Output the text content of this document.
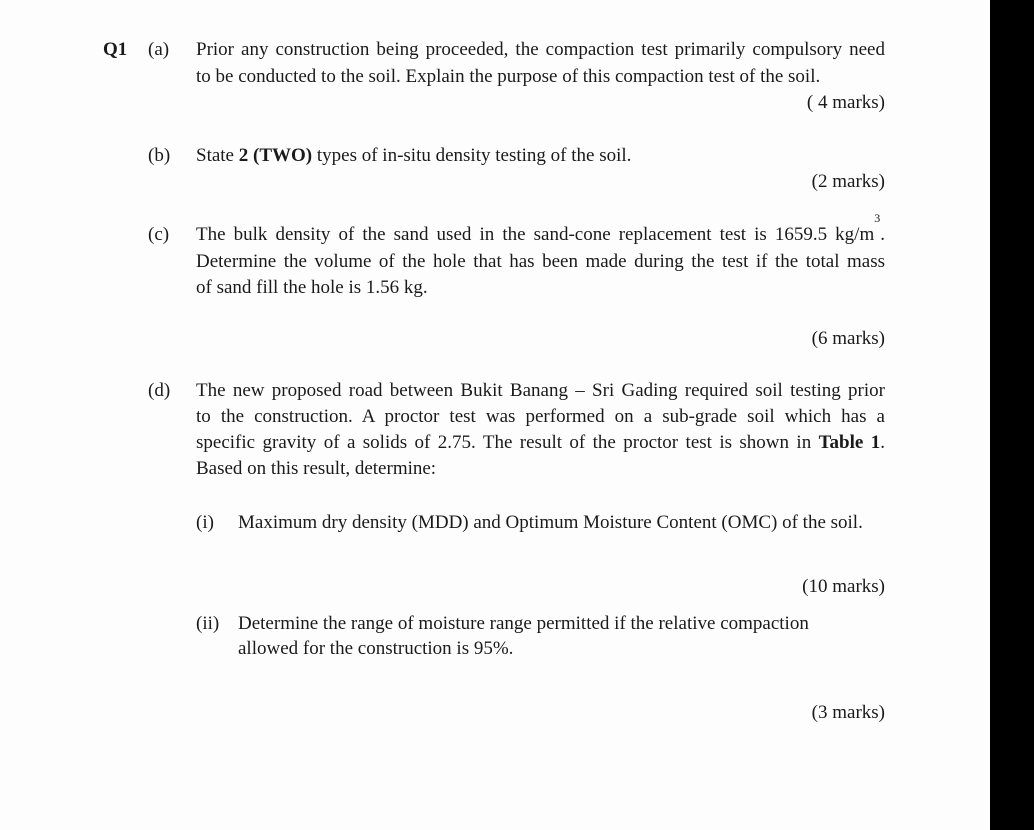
Q1 (a) Prior any construction being proceeded, the compaction test primarily compulsory need
to be conducted to the soil. Explain the purpose of this compaction test of the soil.
( 4 marks)
(b) State 2 (TWO) types of in-situ density testing of the soil.
(2 marks)
(c) The bulk density of the sand used in the sand-cone replacement test is 1659.5 $kg/m^3$.
Determine the volume of the hole that has been made during the test if the total mass
of sand fill the hole is 1.56 kg.
(6 marks)
(d) The new proposed road between Bukit Banang – Sri Gading required soil testing prior
to the construction. A proctor test was performed on a sub-grade soil which has a
specific gravity of a solids of 2.75. The result of the proctor test is shown in Table 1.
Based on this result, determine:
(i) Maximum dry density (MDD) and Optimum Moisture Content (OMC) of the soil.
(10 marks)
(ii) Determine the range of moisture range permitted if the relative compaction
allowed for the construction is 95%.
(3 marks)
